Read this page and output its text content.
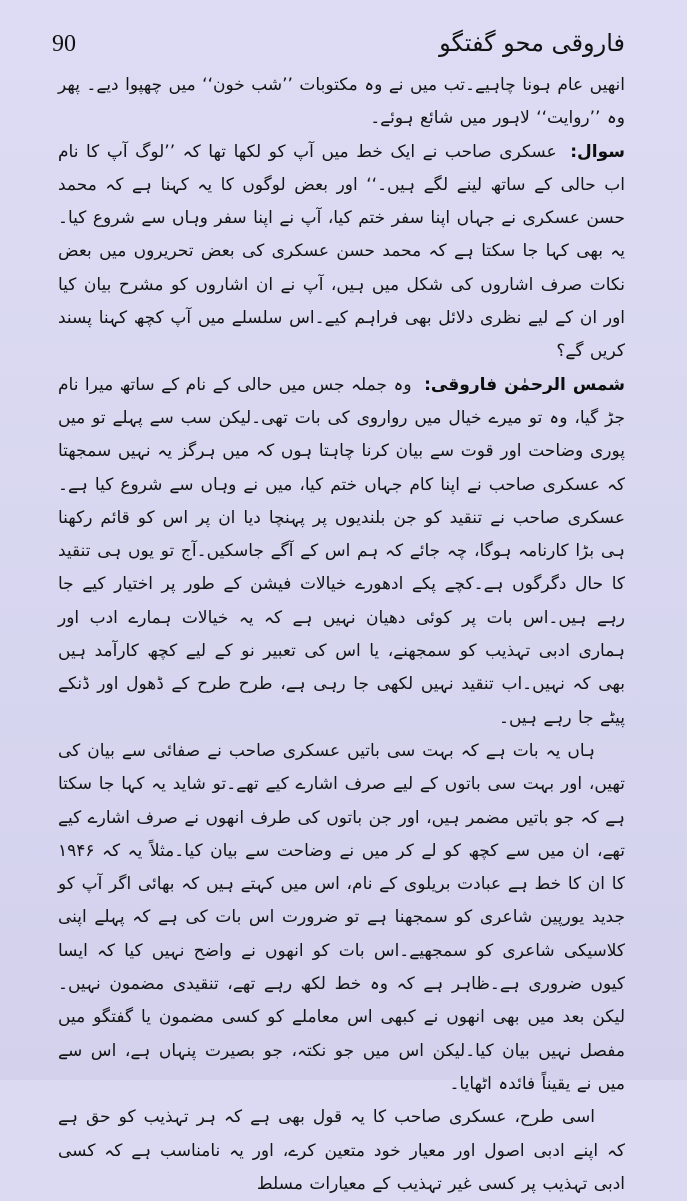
90	فاروقی محو گفتگو

انھیں عام ہونا چاہیے۔تب میں نے وہ مکتوبات ’’شب خون‘‘ میں چھپوا دیے۔ پھر وہ ’’روایت‘‘ لاہور میں شائع ہوئے۔

سوال: عسکری صاحب نے ایک خط میں آپ کو لکھا تھا کہ ’’لوگ آپ کا نام اب حالی کے ساتھ لینے لگے ہیں۔‘‘ اور بعض لوگوں کا یہ کہنا ہے کہ محمد حسن عسکری نے جہاں اپنا سفر ختم کیا، آپ نے اپنا سفر وہاں سے شروع کیا۔ یہ بھی کہا جا سکتا ہے کہ محمد حسن عسکری کی بعض تحریروں میں بعض نکات صرف اشاروں کی شکل میں ہیں، آپ نے ان اشاروں کو مشرح بیان کیا اور ان کے لیے نظری دلائل بھی فراہم کیے۔اس سلسلے میں آپ کچھ کہنا پسند کریں گے؟

شمس الرحمٰن فاروقی: وہ جملہ جس میں حالی کے نام کے ساتھ میرا نام جڑ گیا، وہ تو میرے خیال میں رواروی کی بات تھی۔لیکن سب سے پہلے تو میں پوری وضاحت اور قوت سے بیان کرنا چاہتا ہوں کہ میں ہرگز یہ نہیں سمجھتا کہ عسکری صاحب نے اپنا کام جہاں ختم کیا، میں نے وہاں سے شروع کیا ہے۔عسکری صاحب نے تنقید کو جن بلندیوں پر پہنچا دیا ان پر اس کو قائم رکھنا ہی بڑا کارنامہ ہوگا، چہ جائے کہ ہم اس کے آگے جاسکیں۔آج تو یوں ہی تنقید کا حال دگرگوں ہے۔کچے پکے ادھورے خیالات فیشن کے طور پر اختیار کیے جا رہے ہیں۔اس بات پر کوئی دھیان نہیں ہے کہ یہ خیالات ہمارے ادب اور ہماری ادبی تہذیب کو سمجھنے، یا اس کی تعبیر نو کے لیے کچھ کارآمد ہیں بھی کہ نہیں۔اب تنقید نہیں لکھی جا رہی ہے، طرح طرح کے ڈھول اور ڈنکے پیٹے جا رہے ہیں۔

ہاں یہ بات ہے کہ بہت سی باتیں عسکری صاحب نے صفائی سے بیان کی تھیں، اور بہت سی باتوں کے لیے صرف اشارے کیے تھے۔تو شاید یہ کہا جا سکتا ہے کہ جو باتیں مضمر ہیں، اور جن باتوں کی طرف انھوں نے صرف اشارے کیے تھے، ان میں سے کچھ کو لے کر میں نے وضاحت سے بیان کیا۔مثلاً یہ کہ ۱۹۴۶ کا ان کا خط ہے عبادت بریلوی کے نام، اس میں کہتے ہیں کہ بھائی اگر آپ کو جدید یورپین شاعری کو سمجھنا ہے تو ضرورت اس بات کی ہے کہ پہلے اپنی کلاسیکی شاعری کو سمجھیے۔اس بات کو انھوں نے واضح نہیں کیا کہ ایسا کیوں ضروری ہے۔ظاہر ہے کہ وہ خط لکھ رہے تھے، تنقیدی مضمون نہیں۔لیکن بعد میں بھی انھوں نے کبھی اس معاملے کو کسی مضمون یا گفتگو میں مفصل نہیں بیان کیا۔لیکن اس میں جو نکتہ، جو بصیرت پنہاں ہے، اس سے میں نے یقیناً فائدہ اٹھایا۔

اسی طرح، عسکری صاحب کا یہ قول بھی ہے کہ ہر تہذیب کو حق ہے کہ اپنے ادبی اصول اور معیار خود متعین کرے، اور یہ نامناسب ہے کہ کسی ادبی تہذیب پر کسی غیر تہذیب کے معیارات مسلط
